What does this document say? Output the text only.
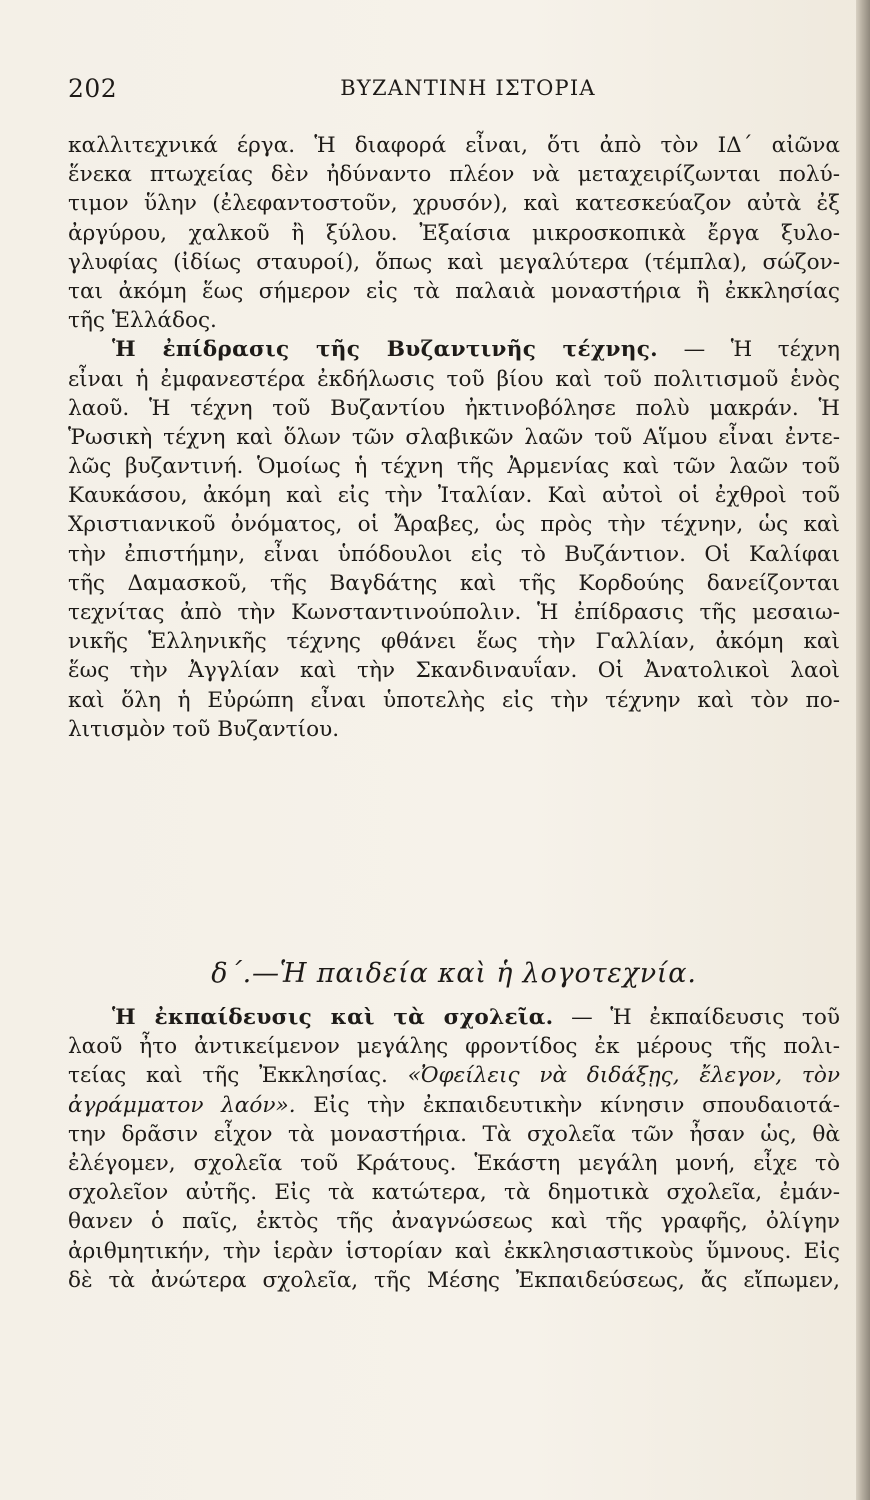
202	ΒΥΖΑΝΤΙΝΗ ΙΣΤΟΡΙΑ
καλλιτεχνικά έργα. Ἡ διαφορά εἶναι, ὅτι ἀπὸ τὸν ΙΔ´ αἰῶνα
ἕνεκα πτωχείας δὲν ἠδύναντο πλέον νὰ μεταχειρίζωνται πολύ-
τιμον ὕλην (ἐλεφαντοστοῦν, χρυσόν), καὶ κατεσκεύαζον αὐτὰ ἐξ
ἀργύρου, χαλκοῦ ἢ ξύλου. Ἐξαίσια μικροσκοπικὰ ἔργα ξυλο-
γλυφίας (ἰδίως σταυροί), ὅπως καὶ μεγαλύτερα (τέμπλα), σώζον-
ται ἀκόμη ἕως σήμερον εἰς τὰ παλαιὰ μοναστήρια ἢ ἐκκλησίας
τῆς Ἑλλάδος.
Ἡ ἐπίδρασις τῆς Βυζαντινῆς τέχνης. — Ἡ τέχνη
εἶναι ἡ ἐμφανεστέρα ἐκδήλωσις τοῦ βίου καὶ τοῦ πολιτισμοῦ ἑνὸς
λαοῦ. Ἡ τέχνη τοῦ Βυζαντίου ἠκτινοβόλησε πολὺ μακράν. Ἡ
Ῥωσικὴ τέχνη καὶ ὅλων τῶν σλαβικῶν λαῶν τοῦ Αἵμου εἶναι ἐντε-
λῶς βυζαντινή. Ὁμοίως ἡ τέχνη τῆς Ἀρμενίας καὶ τῶν λαῶν τοῦ
Καυκάσου, ἀκόμη καὶ εἰς τὴν Ἰταλίαν. Καὶ αὐτοὶ οἱ ἐχθροὶ τοῦ
Χριστιανικοῦ ὀνόματος, οἱ Ἄραβες, ὡς πρὸς τὴν τέχνην, ὡς καὶ
τὴν ἐπιστήμην, εἶναι ὑπόδουλοι εἰς τὸ Βυζάντιον. Οἱ Καλίφαι
τῆς Δαμασκοῦ, τῆς Βαγδάτης καὶ τῆς Κορδούης δανείζονται
τεχνίτας ἀπὸ τὴν Κωνσταντινούπολιν. Ἡ ἐπίδρασις τῆς μεσαιω-
νικῆς Ἑλληνικῆς τέχνης φθάνει ἕως τὴν Γαλλίαν, ἀκόμη καὶ
ἕως τὴν Ἀγγλίαν καὶ τὴν Σκανδιναυΐαν. Οἱ Ἀνατολικοὶ λαοὶ
καὶ ὅλη ἡ Εὐρώπη εἶναι ὑποτελὴς εἰς τὴν τέχνην καὶ τὸν πο-
λιτισμὸν τοῦ Βυζαντίου.
δ´.—Ἡ παιδεία καὶ ἡ λογοτεχνία.
Ἡ ἐκπαίδευσις καὶ τὰ σχολεῖα. — Ἡ ἐκπαίδευσις τοῦ
λαοῦ ἦτο ἀντικείμενον μεγάλης φροντίδος ἐκ μέρους τῆς πολι-
τείας καὶ τῆς Ἐκκλησίας. «Ὀφείλεις νὰ διδάξῃς, ἔλεγον, τὸν
ἀγράμματον λαόν». Εἰς τὴν ἐκπαιδευτικὴν κίνησιν σπουδαιοτά-
την δρᾶσιν εἶχον τὰ μοναστήρια. Τὰ σχολεῖα τῶν ἦσαν ὡς, θὰ
ἐλέγομεν, σχολεῖα τοῦ Κράτους. Ἑκάστη μεγάλη μονή, εἶχε τὸ
σχολεῖον αὐτῆς. Εἰς τὰ κατώτερα, τὰ δημοτικὰ σχολεῖα, ἐμάν-
θανεν ὁ παῖς, ἐκτὸς τῆς ἀναγνώσεως καὶ τῆς γραφῆς, ὀλίγην
ἀριθμητικήν, τὴν ἱερὰν ἱστορίαν καὶ ἐκκλησιαστικοὺς ὕμνους. Εἰς
δὲ τὰ ἀνώτερα σχολεῖα, τῆς Μέσης Ἐκπαιδεύσεως, ἄς εἴπωμεν,
